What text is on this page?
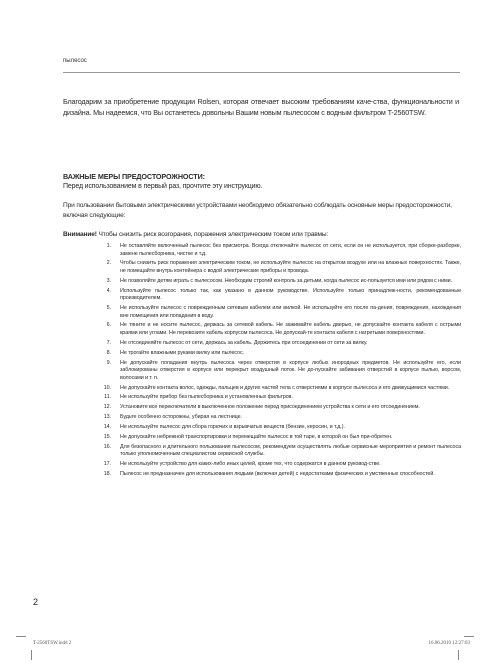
пылесос
Благодарим за приобретение продукции Rolsen, которая отвечает высоким требованиям каче-ства, функциональности и дизайна. Мы надеемся, что Вы останетесь довольны Вашим новым пылесосом с водным фильтром T-2560TSW.
ВАЖНЫЕ МЕРЫ ПРЕДОСТОРОЖНОСТИ:
Перед использованием в первый раз, прочтите эту инструкцию.
При пользовании бытовыми электрическими устройствами необходимо обязательно соблюдать основные меры предосторожности, включая следующие:
Внимание! Чтобы снизить риск возгорания, поражения электрическим током или травмы:
1. Не оставляйте включенный пылесос без присмотра. Всегда отключайте пылесос от сети, если он не используется, при сборке-разборке, замене пылесборника, чистке и т.д.
2. Чтобы снизить риск поражения электрическим током, не используйте пылесос на открытом воздухе или на влажных поверхностях. Также, не помещайте внутрь контейнера с водой электрические приборы и провода.
3. Не позволяйте детям играть с пылесосом. Необходим строгий контроль за детьми, когда пылесос ис-пользуется ими или рядом с ними.
4. Используйте пылесос только так, как указано в данном руководстве. Используйте только принадлеж-ности, рекомендованные производителем.
5. Не используйте пылесос с поврежденным сетевым кабелем или вилкой. Не используйте его после па-дения, повреждения, нахождения вне помещения или попадания в воду.
6. Не тяните и не носите пылесос, держась за сетевой кабель. Не зажимайте кабель дверью, не допускайте контакта кабеля с острыми краями или углами. Не перевозите кабель корпусом пылесоса. Не допускай-те контакта кабеля с нагретыми поверхностями.
7. Не отсоединяйте пылесос от сети, держась за кабель. Держитесь при отсоединении от сети за вилку.
8. Не трогайте влажными руками вилку или пылесос.
9. Не допускайте попадания внутрь пылесоса через отверстия в корпусе любых инородных предметов. Не используйте его, если заблокированы отверстия в корпусе или перекрыт воздушный поток. Не до-пускайте забивания отверстий в корпусе пылью, ворсом, волосами и т. п.
10. Не допускайте контакта волос, одежды, пальцев и других частей тела с отверстиями в корпусе пылесоса и его движущимися частями.
11. Не используйте прибор без пылесборника и установленных фильтров.
12. Установите все переключатели в выключенное положение перед присоединением устройства к сети и его отсоединением.
13. Будьте особенно осторожны, убирая на лестнице.
14. Не используйте пылесос для сбора горючих и взрывчатых веществ (бензин, керосин, и т.д.).
15. Не допускайте небрежной транспортировки и перемещайте пылесос в той таре, в которой он был при-обретен.
16. Для безопасного и длительного пользования пылесосом, рекомендуем осуществлять любые сервисные мероприятия и ремонт пылесоса только уполномоченным специалистом сервисной службы.
17. Не используйте устройство для каких-либо иных целей, кроме тех, что содержатся в данном руковод-стве.
18. Пылесос не предназначен для использования людьми (включая детей) с недостатками физических и умственных способностей.
2
T-2560TSW.indd 2	16.06.2010 12:27:03
